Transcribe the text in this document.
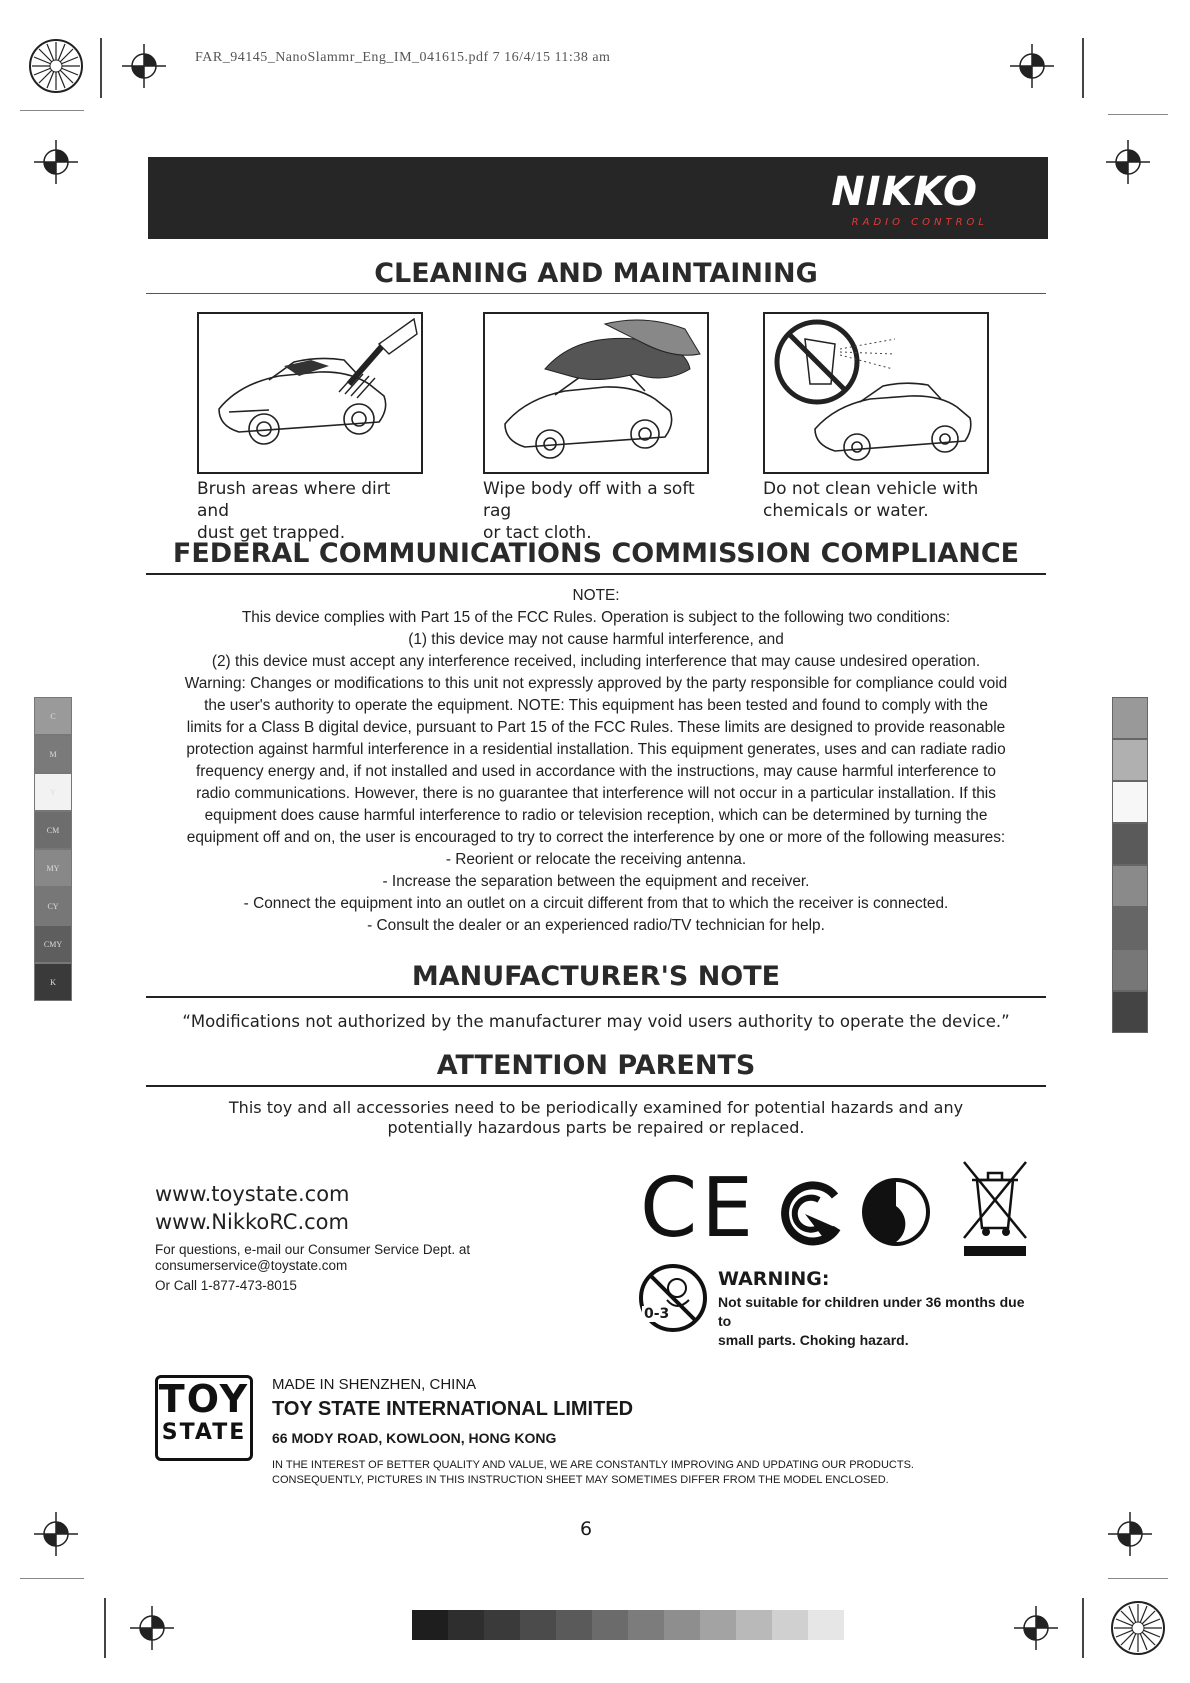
FAR_94145_NanoSlammr_Eng_IM_041615.pdf 7 16/4/15 11:38 am
NIKKO
RADIO CONTROL
CLEANING AND MAINTAINING
Brush areas where dirt and
dust get trapped.
Wipe body off with a soft rag
or tact cloth.
Do not clean vehicle with
chemicals or water.
FEDERAL COMMUNICATIONS COMMISSION COMPLIANCE
NOTE:
This device complies with Part 15 of the FCC Rules. Operation is subject to the following two conditions:
(1) this device may not cause harmful interference, and
(2) this device must accept any interference received, including interference that may cause undesired operation.
Warning: Changes or modifications to this unit not expressly approved by the party responsible for compliance could void
the user's authority to operate the equipment. NOTE: This equipment has been tested and found to comply with the
limits for a Class B digital device, pursuant to Part 15 of the FCC Rules. These limits are designed to provide reasonable
protection against harmful interference in a residential installation. This equipment generates, uses and can radiate radio
frequency energy and, if not installed and used in accordance with the instructions, may cause harmful interference to
radio communications. However, there is no guarantee that interference will not occur in a particular installation. If this
equipment does cause harmful interference to radio or television reception, which can be determined by turning the
equipment off and on, the user is encouraged to try to correct the interference by one or more of the following measures:
- Reorient or relocate the receiving antenna.
- Increase the separation between the equipment and receiver.
- Connect the equipment into an outlet on a circuit different from that to which the receiver is connected.
- Consult the dealer or an experienced radio/TV technician for help.
MANUFACTURER'S NOTE
“Modifications not authorized by the manufacturer may void users authority to operate the device.”
ATTENTION PARENTS
This toy and all accessories need to be periodically examined for potential hazards and any
potentially hazardous parts be repaired or replaced.
www.toystate.com
www.NikkoRC.com
For questions, e-mail our Consumer Service Dept. at
consumerservice@toystate.com
Or Call 1-877-473-8015
CE
0-3
WARNING:
Not suitable for children under 36 months due to
small parts. Choking hazard.
TOY
STATE
MADE IN SHENZHEN, CHINA
TOY STATE INTERNATIONAL LIMITED
66 MODY ROAD, KOWLOON, HONG KONG
IN THE INTEREST OF BETTER QUALITY AND VALUE, WE ARE CONSTANTLY IMPROVING AND UPDATING OUR PRODUCTS.
CONSEQUENTLY, PICTURES IN THIS INSTRUCTION SHEET MAY SOMETIMES DIFFER FROM THE MODEL ENCLOSED.
6
C
M
Y
CM
MY
CY
CMY
K
